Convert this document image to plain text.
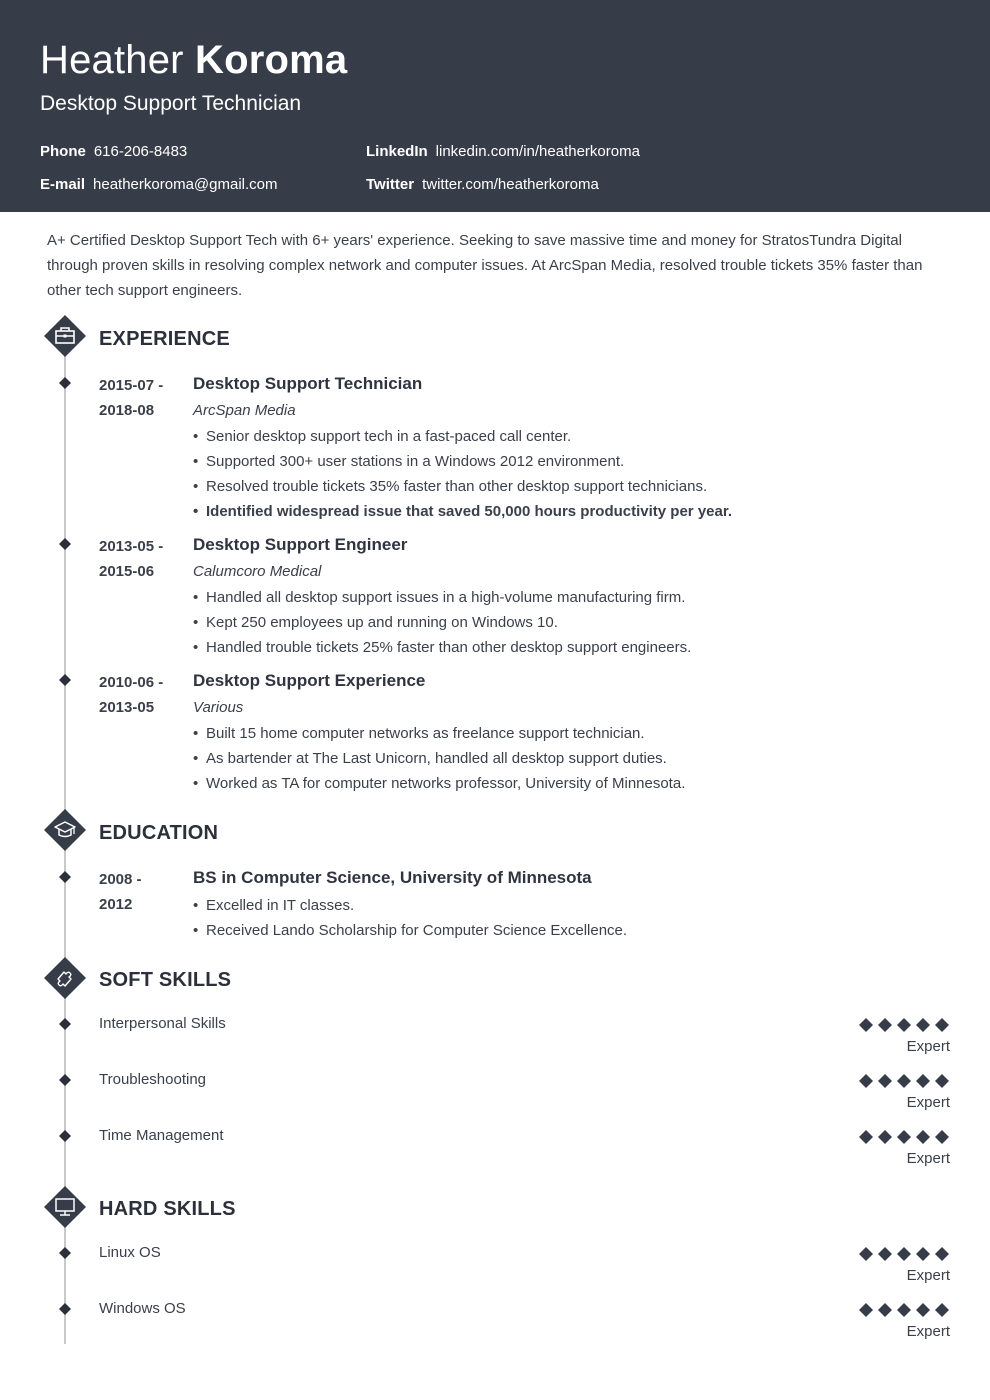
Heather Koroma
Desktop Support Technician
Phone 616-206-8483
E-mail heatherkoroma@gmail.com
LinkedIn linkedin.com/in/heatherkoroma
Twitter twitter.com/heatherkoroma
A+ Certified Desktop Support Tech with 6+ years' experience. Seeking to save massive time and money for StratosTundra Digital through proven skills in resolving complex network and computer issues. At ArcSpan Media, resolved trouble tickets 35% faster than other tech support engineers.
EXPERIENCE
2015-07 -
2018-08
Desktop Support Technician
ArcSpan Media
• Senior desktop support tech in a fast-paced call center.
• Supported 300+ user stations in a Windows 2012 environment.
• Resolved trouble tickets 35% faster than other desktop support technicians.
• Identified widespread issue that saved 50,000 hours productivity per year.
2013-05 -
2015-06
Desktop Support Engineer
Calumcoro Medical
• Handled all desktop support issues in a high-volume manufacturing firm.
• Kept 250 employees up and running on Windows 10.
• Handled trouble tickets 25% faster than other desktop support engineers.
2010-06 -
2013-05
Desktop Support Experience
Various
• Built 15 home computer networks as freelance support technician.
• As bartender at The Last Unicorn, handled all desktop support duties.
• Worked as TA for computer networks professor, University of Minnesota.
EDUCATION
2008 -
2012
BS in Computer Science, University of Minnesota
• Excelled in IT classes.
• Received Lando Scholarship for Computer Science Excellence.
SOFT SKILLS
Interpersonal Skills
Expert
Troubleshooting
Expert
Time Management
Expert
HARD SKILLS
Linux OS
Expert
Windows OS
Expert
